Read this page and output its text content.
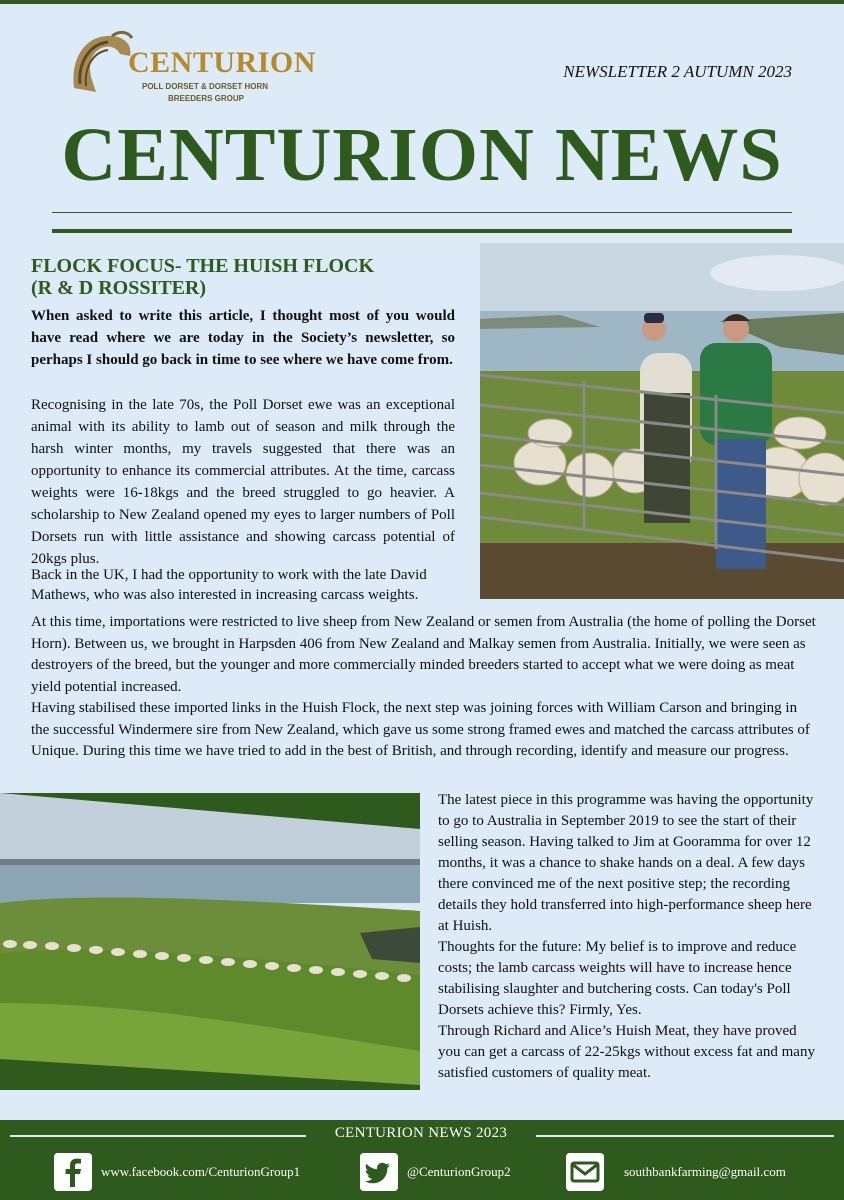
CENTURION
POLL DORSET & DORSET HORN
BREEDERS GROUP
NEWSLETTER 2 AUTUMN 2023
CENTURION NEWS
FLOCK FOCUS- THE HUISH FLOCK
(R & D ROSSITER)
When asked to write this article, I thought most of you would have read where we are today in the Society’s newsletter, so perhaps I should go back in time to see where we have come from.
Recognising in the late 70s, the Poll Dorset ewe was an exceptional animal with its ability to lamb out of season and milk through the harsh winter months, my travels suggested that there was an opportunity to enhance its commercial attributes. At the time, carcass weights were 16-18kgs and the breed struggled to go heavier. A scholarship to New Zealand opened my eyes to larger numbers of Poll Dorsets run with little assistance and showing carcass potential of 20kgs plus.
Back in the UK, I had the opportunity to work with the late David Mathews, who was also interested in increasing carcass weights.

At this time, importations were restricted to live sheep from New Zealand or semen from Australia (the home of polling the Dorset Horn). Between us, we brought in Harpsden 406 from New Zealand and Malkay semen from Australia. Initially, we were seen as destroyers of the breed, but the younger and more commercially minded breeders started to accept what we were doing as meat yield potential increased.

Having stabilised these imported links in the Huish Flock, the next step was joining forces with William Carson and bringing in the successful Windermere sire from New Zealand, which gave us some strong framed ewes and matched the carcass attributes of Unique. During this time we have tried to add in the best of British, and through recording, identify and measure our progress.

The latest piece in this programme was having the opportunity to go to Australia in September 2019 to see the start of their selling season. Having talked to Jim at Gooramma for over 12 months, it was a chance to shake hands on a deal. A few days there convinced me of the next positive step; the recording details they hold transferred into high-performance sheep here at Huish.

Thoughts for the future: My belief is to improve and reduce costs; the lamb carcass weights will have to increase hence stabilising slaughter and butchering costs. Can today's Poll Dorsets achieve this? Firmly, Yes.

Through Richard and Alice’s Huish Meat, they have proved you can get a carcass of 22-25kgs without excess fat and many satisfied customers of quality meat.

CENTURION NEWS 2023
www.facebook.com/CenturionGroup1	@CenturionGroup2	southbankfarming@gmail.com
